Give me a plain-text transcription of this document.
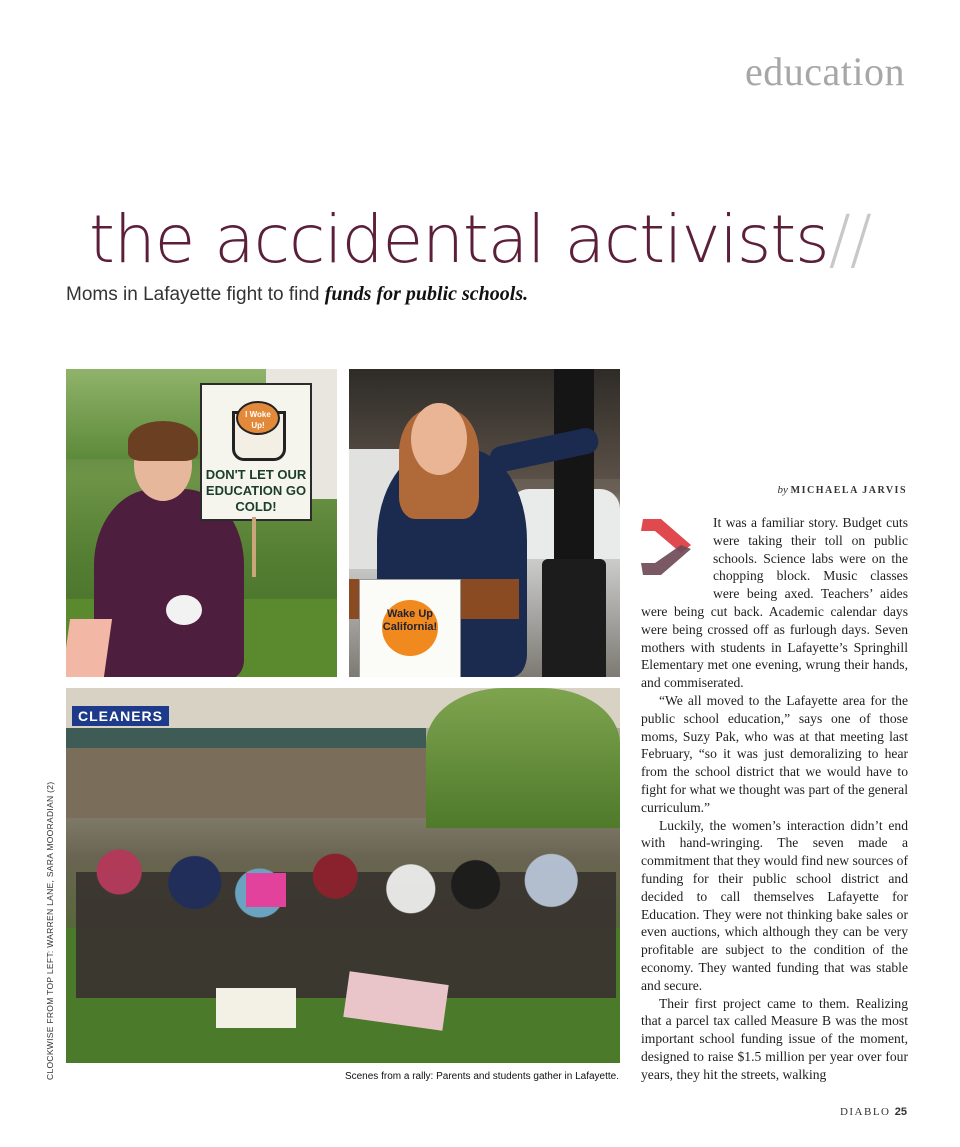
education
the accidental activists//
Moms in Lafayette fight to find funds for public schools.
I Woke Up!
DON'T LET OUR EDUCATION GO COLD!
Wake Up California!
CLEANERS
CLOCKWISE FROM TOP LEFT: WARREN LANE, SARA MOORADIAN (2)	Scenes from a rally: Parents and students gather in Lafayette.
by MICHAELA JARVIS

It was a familiar story. Budget cuts were taking their toll on public schools. Science labs were on the chopping block. Music classes were being axed. Teachers’ aides were being cut back. Academic calendar days were being crossed off as furlough days. Seven mothers with students in Lafayette’s Springhill Elementary met one evening, wrung their hands, and commiserated.

“We all moved to the Lafayette area for the public school education,” says one of those moms, Suzy Pak, who was at that meeting last February, “so it was just demoralizing to hear from the school district that we would have to fight for what we thought was part of the general curriculum.”

Luckily, the women’s interaction didn’t end with hand-wringing. The seven made a commitment that they would find new sources of funding for their public school district and decided to call themselves Lafayette for Education. They were not thinking bake sales or even auctions, which although they can be very profitable are subject to the condition of the economy. They wanted funding that was stable and secure.

Their first project came to them. Realizing that a parcel tax called Measure B was the most important school funding issue of the moment, designed to raise $1.5 million per year over four years, they hit the streets, walking

DIABLO 25
